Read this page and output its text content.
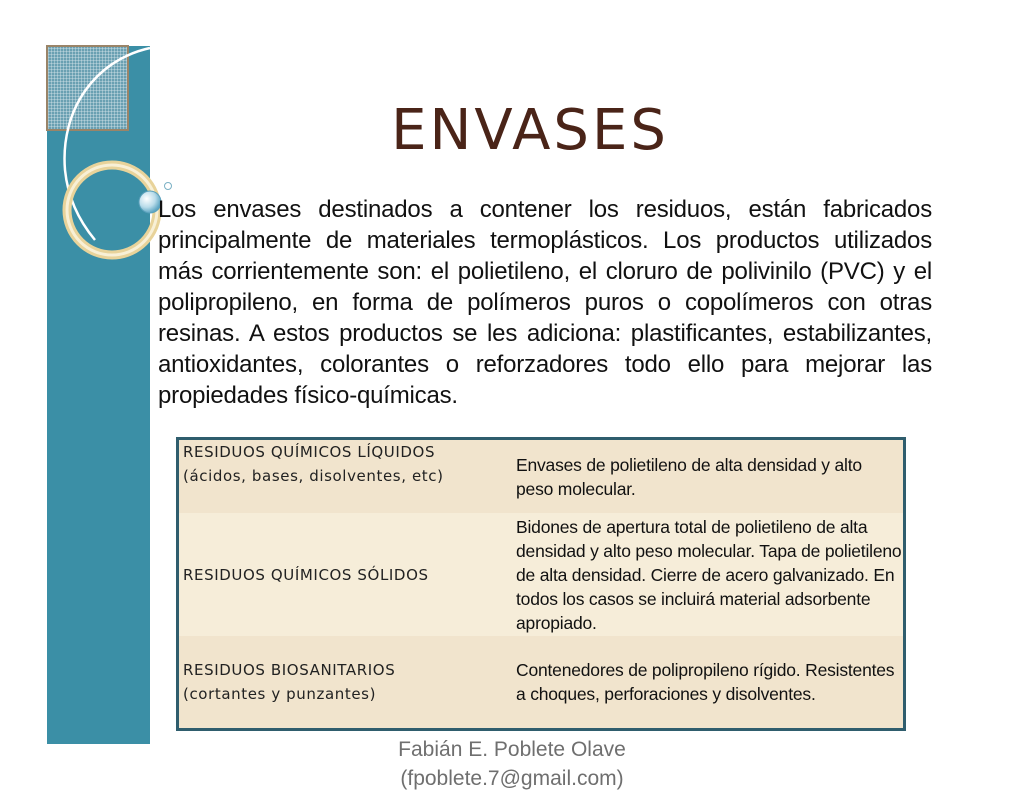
ENVASES

Los envases destinados a contener los residuos, están fabricados principalmente de materiales termoplásticos. Los productos utilizados más corrientemente son: el polietileno, el cloruro de polivinilo (PVC) y el polipropileno, en forma de polímeros puros o copolímeros con otras resinas. A estos productos se les adiciona: plastificantes, estabilizantes, antioxidantes, colorantes o reforzadores todo ello para mejorar las propiedades físico-químicas.

RESIDUOS QUÍMICOS LÍQUIDOS
(ácidos, bases, disolventes, etc)
Envases de polietileno de alta densidad y alto peso molecular.
RESIDUOS QUÍMICOS SÓLIDOS
Bidones de apertura total de polietileno de alta densidad y alto peso molecular. Tapa de polietileno de alta densidad. Cierre de acero galvanizado. En todos los casos se incluirá material adsorbente apropiado.
RESIDUOS BIOSANITARIOS
(cortantes y punzantes)
Contenedores de polipropileno rígido. Resistentes a choques, perforaciones y disolventes.
Fabián E. Poblete Olave
(fpoblete.7@gmail.com)
